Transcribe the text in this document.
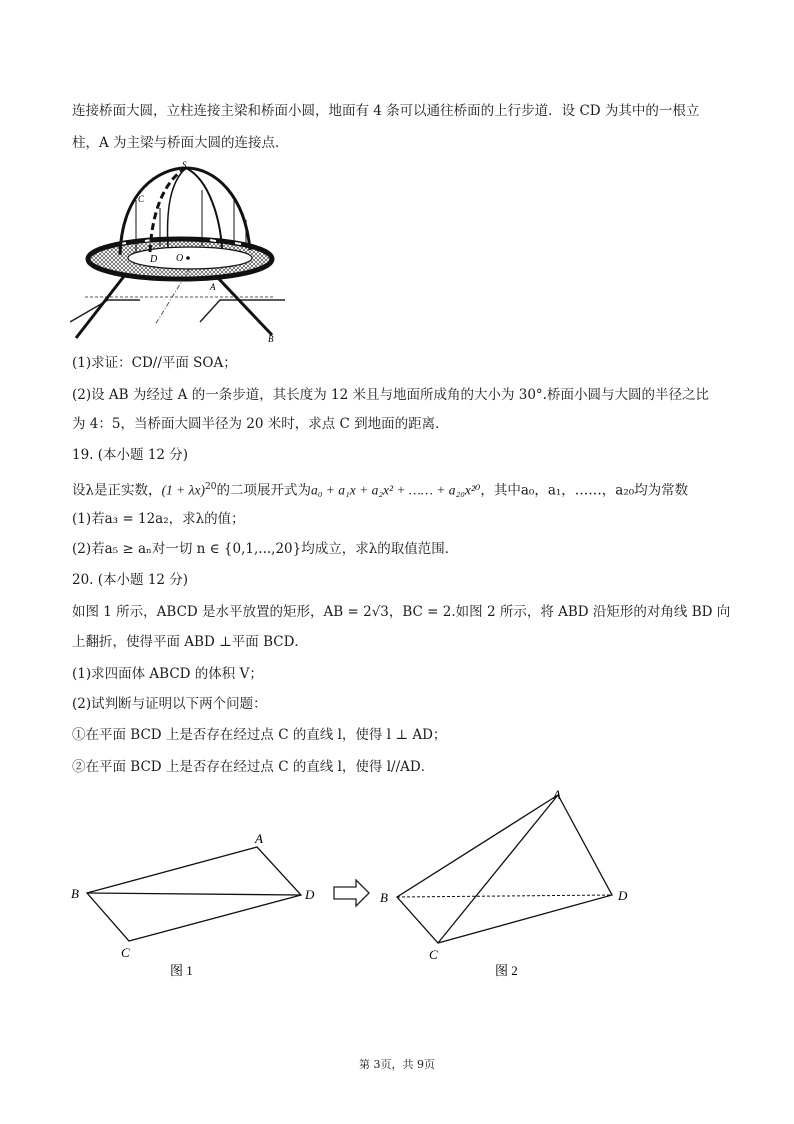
连接桥面大圆，立柱连接主梁和桥面小圆，地面有 4 条可以通往桥面的上行步道．设 CD 为其中的一根立
柱，A 为主梁与桥面大圆的连接点．
S
C
D O
A
B
(1)求证：CD//平面 SOA；
(2)设 AB 为经过 A 的一条步道，其长度为 12 米且与地面所成角的大小为 30°.桥面小圆与大圆的半径之比
为 4：5，当桥面大圆半径为 20 米时，求点 C 到地面的距离．
19. (本小题 12 分)
设λ是正实数，$(1 + \lambda x)^{20}$的二项展开式为a₀ + a₁x + a₂x² + …… + a₂₀x²⁰，其中a₀，a₁，……，a₂₀均为常数
(1)若a₃ = 12a₂，求λ的值；
(2)若a₅ ≥ aₙ对一切 n ∈ {0,1,...,20}均成立，求λ的取值范围．
20. (本小题 12 分)
如图 1 所示，ABCD 是水平放置的矩形，AB = 2√3，BC = 2.如图 2 所示，将 ABD 沿矩形的对角线 BD 向
上翻折，使得平面 ABD ⊥平面 BCD．
(1)求四面体 ABCD 的体积 V；
(2)试判断与证明以下两个问题：
①在平面 BCD 上是否存在经过点 C 的直线 l，使得 l ⊥ AD；
②在平面 BCD 上是否存在经过点 C 的直线 l，使得 l//AD．
A
B
C
D
图 1
A
B
C
D
图 2
第 3页，共 9页
